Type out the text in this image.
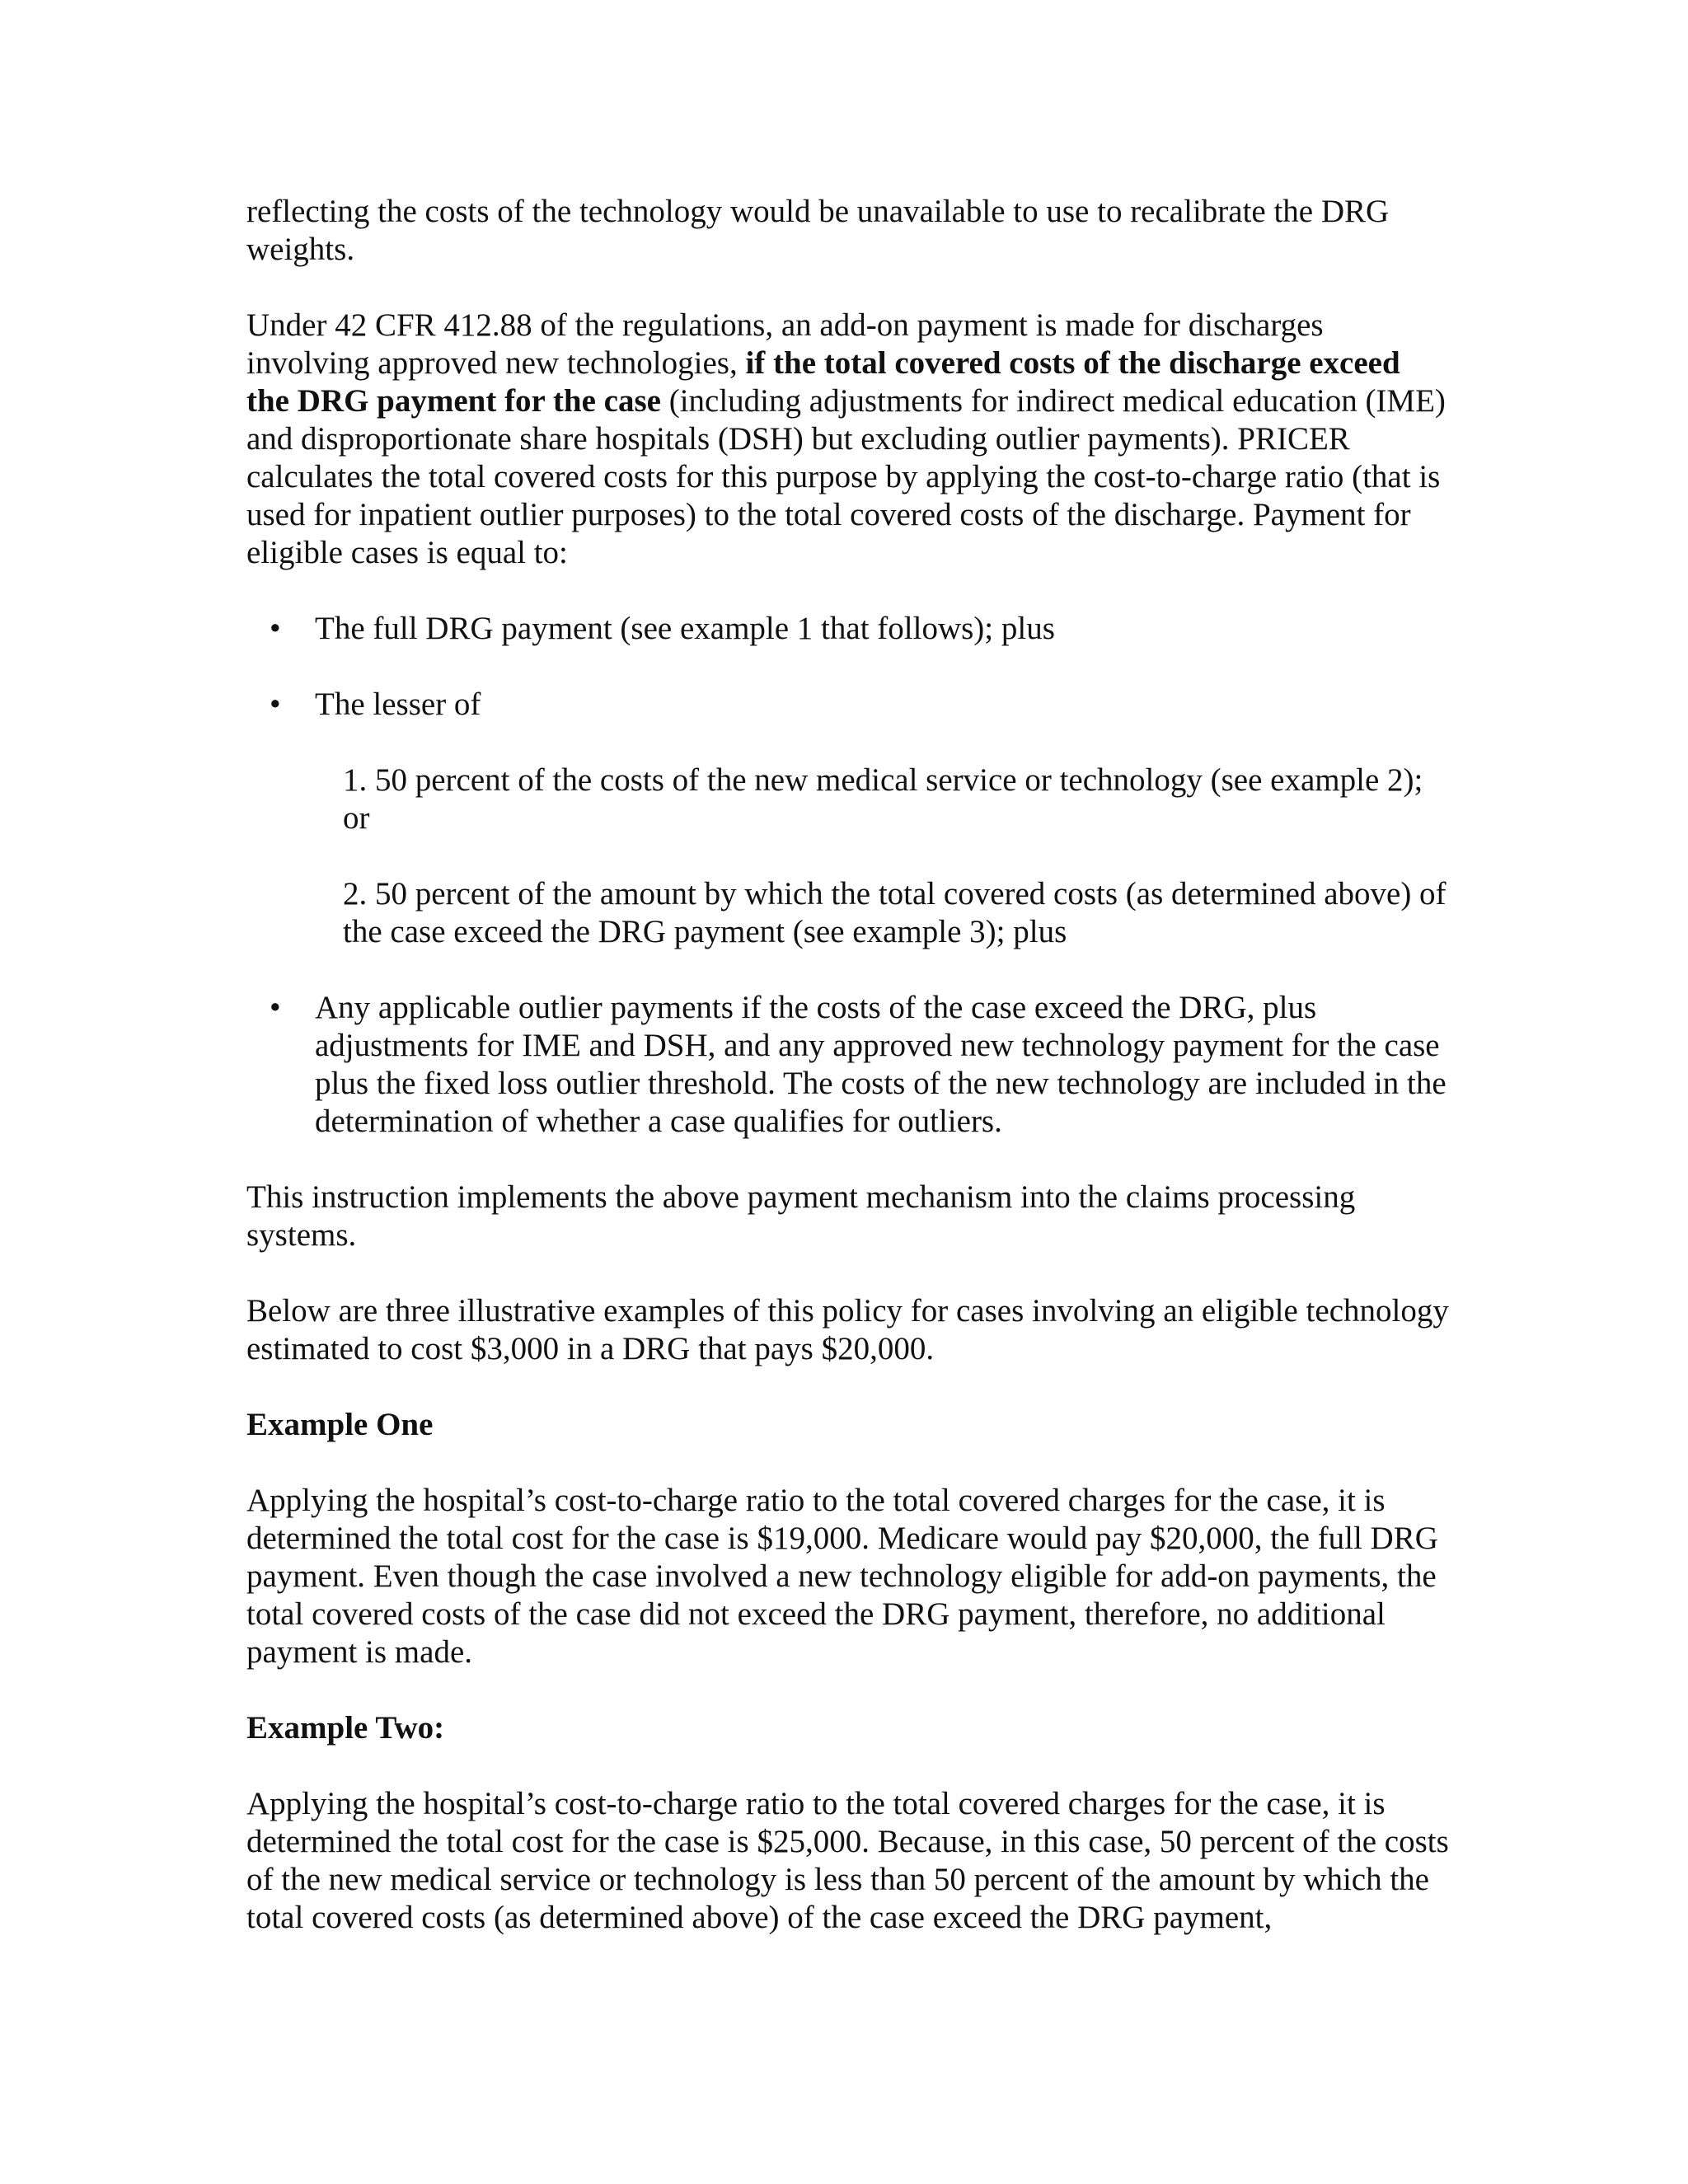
reflecting the costs of the technology would be unavailable to use to recalibrate the DRG weights.

Under 42 CFR 412.88 of the regulations, an add-on payment is made for discharges involving approved new technologies, if the total covered costs of the discharge exceed the DRG payment for the case (including adjustments for indirect medical education (IME) and disproportionate share hospitals (DSH) but excluding outlier payments). PRICER calculates the total covered costs for this purpose by applying the cost-to-charge ratio (that is used for inpatient outlier purposes) to the total covered costs of the discharge. Payment for eligible cases is equal to:

• The full DRG payment (see example 1 that follows); plus
• The lesser of
1. 50 percent of the costs of the new medical service or technology (see example 2); or
2. 50 percent of the amount by which the total covered costs (as determined above) of the case exceed the DRG payment (see example 3); plus
• Any applicable outlier payments if the costs of the case exceed the DRG, plus adjustments for IME and DSH, and any approved new technology payment for the case plus the fixed loss outlier threshold. The costs of the new technology are included in the determination of whether a case qualifies for outliers.

This instruction implements the above payment mechanism into the claims processing systems.

Below are three illustrative examples of this policy for cases involving an eligible technology estimated to cost $3,000 in a DRG that pays $20,000.

Example One

Applying the hospital’s cost-to-charge ratio to the total covered charges for the case, it is determined the total cost for the case is $19,000. Medicare would pay $20,000, the full DRG payment. Even though the case involved a new technology eligible for add-on payments, the total covered costs of the case did not exceed the DRG payment, therefore, no additional payment is made.

Example Two:

Applying the hospital’s cost-to-charge ratio to the total covered charges for the case, it is determined the total cost for the case is $25,000. Because, in this case, 50 percent of the costs of the new medical service or technology is less than 50 percent of the amount by which the total covered costs (as determined above) of the case exceed the DRG payment,
